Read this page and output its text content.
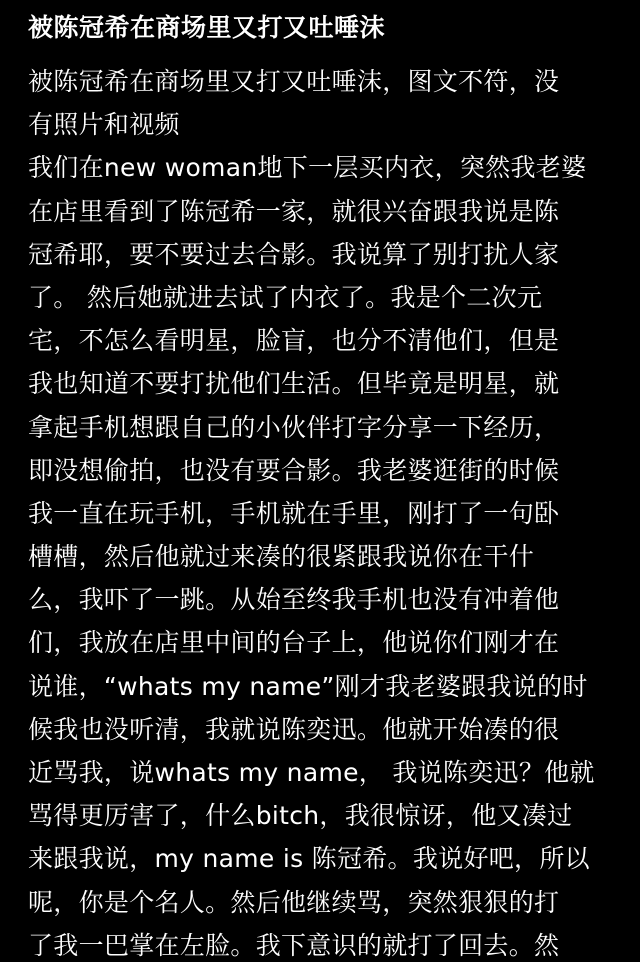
被陈冠希在商场里又打又吐唾沫
被陈冠希在商场里又打又吐唾沫，图文不符，没
有照片和视频
我们在new woman地下一层买内衣，突然我老婆
在店里看到了陈冠希一家，就很兴奋跟我说是陈
冠希耶，要不要过去合影。我说算了别打扰人家
了。 然后她就进去试了内衣了。我是个二次元
宅，不怎么看明星，脸盲，也分不清他们，但是
我也知道不要打扰他们生活。但毕竟是明星，就
拿起手机想跟自己的小伙伴打字分享一下经历，
即没想偷拍，也没有要合影。我老婆逛街的时候
我一直在玩手机，手机就在手里，刚打了一句卧
槽槽，然后他就过来凑的很紧跟我说你在干什
么，我吓了一跳。从始至终我手机也没有冲着他
们，我放在店里中间的台子上，他说你们刚才在
说谁，“whats my name”刚才我老婆跟我说的时
候我也没听清，我就说陈奕迅。他就开始凑的很
近骂我，说whats my name， 我说陈奕迅？他就
骂得更厉害了，什么bitch，我很惊讶，他又凑过
来跟我说，my name is 陈冠希。我说好吧，所以
呢，你是个名人。然后他继续骂，突然狠狠的打
了我一巴掌在左脸。我下意识的就打了回去。然
